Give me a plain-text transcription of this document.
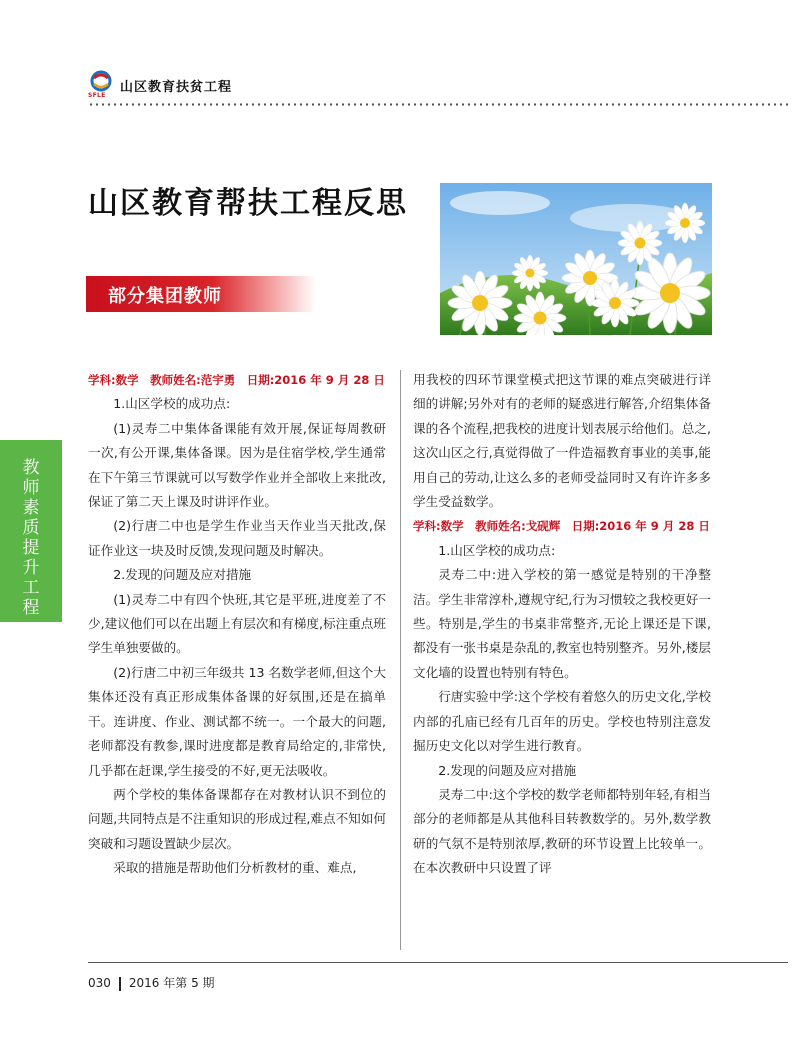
SFLE
山区教育扶贫工程
山区教育帮扶工程反思
部分集团教师
教师素质提升工程

学科:数学　教师姓名:范宇勇　日期:2016 年 9 月 28 日

1.山区学校的成功点:

(1)灵寿二中集体备课能有效开展,保证每周教研一次,有公开课,集体备课。因为是住宿学校,学生通常在下午第三节课就可以写数学作业并全部收上来批改,保证了第二天上课及时讲评作业。

(2)行唐二中也是学生作业当天作业当天批改,保证作业这一块及时反馈,发现问题及时解决。

2.发现的问题及应对措施

(1)灵寿二中有四个快班,其它是平班,进度差了不少,建议他们可以在出题上有层次和有梯度,标注重点班学生单独要做的。

(2)行唐二中初三年级共 13 名数学老师,但这个大集体还没有真正形成集体备课的好氛围,还是在搞单干。连讲度、作业、测试都不统一。一个最大的问题,老师都没有教参,课时进度都是教育局给定的,非常快,几乎都在赶课,学生接受的不好,更无法吸收。

两个学校的集体备课都存在对教材认识不到位的问题,共同特点是不注重知识的形成过程,难点不知如何突破和习题设置缺少层次。

采取的措施是帮助他们分析教材的重、难点,

用我校的四环节课堂模式把这节课的难点突破进行详细的讲解;另外对有的老师的疑惑进行解答,介绍集体备课的各个流程,把我校的进度计划表展示给他们。总之,这次山区之行,真觉得做了一件造福教育事业的美事,能用自己的劳动,让这么多的老师受益同时又有许许多多学生受益数学。

学科:数学　教师姓名:戈砚辉　日期:2016 年 9 月 28 日

1.山区学校的成功点:

灵寿二中:进入学校的第一感觉是特别的干净整洁。学生非常淳朴,遵规守纪,行为习惯较之我校更好一些。特别是,学生的书桌非常整齐,无论上课还是下课,都没有一张书桌是杂乱的,教室也特别整齐。另外,楼层文化墙的设置也特别有特色。

行唐实验中学:这个学校有着悠久的历史文化,学校内部的孔庙已经有几百年的历史。学校也特别注意发掘历史文化以对学生进行教育。

2.发现的问题及应对措施

灵寿二中:这个学校的数学老师都特别年轻,有相当部分的老师都是从其他科目转教数学的。另外,数学教研的气氛不是特别浓厚,教研的环节设置上比较单一。在本次教研中只设置了评

030 2016 年第 5 期
